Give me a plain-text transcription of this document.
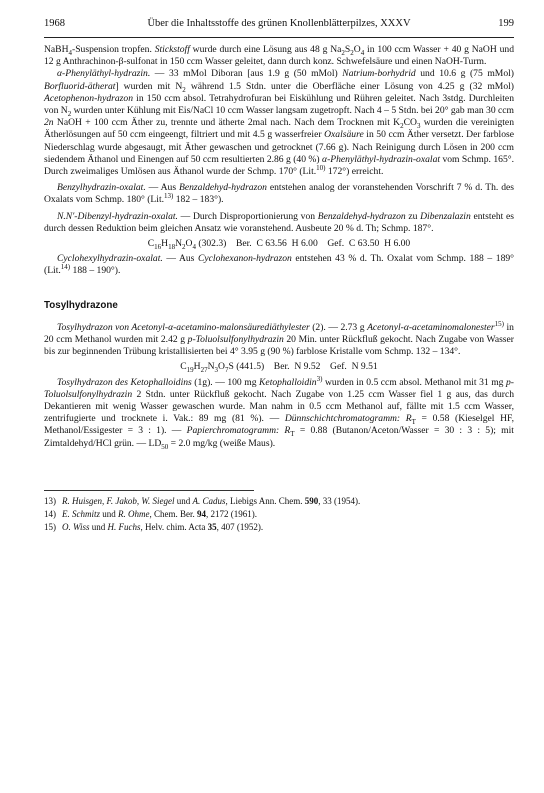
1968	Über die Inhaltsstoffe des grünen Knollenblätterpilzes, XXXV	199

NaBH$_4$-Suspension tropfen. Stickstoff wurde durch eine Lösung aus 48 g $Na_2S_2O_4$ in 100 ccm Wasser + 40 g NaOH und 12 g Anthrachinon-β-sulfonat in 150 ccm Wasser geleitet, dann durch konz. Schwefelsäure und einen NaOH-Turm.

α-Phenyläthyl-hydrazin. — 33 mMol Diboran [aus 1.9 g (50 mMol) Natrium-borhydrid und 10.6 g (75 mMol) Borfluorid-ätherat] wurden mit $N_2$ während 1.5 Stdn. unter die Oberfläche einer Lösung von 4.25 g (32 mMol) Acetophenon-hydrazon in 150 ccm absol. Tetrahydrofuran bei Eiskühlung und Rühren geleitet. Nach 3stdg. Durchleiten von $N_2$ wurden unter Kühlung mit Eis/NaCl 10 ccm Wasser langsam zugetropft. Nach 4 – 5 Stdn. bei 20° gab man 30 ccm 2n NaOH + 100 ccm Äther zu, trennte und ätherte 2mal nach. Nach dem Trocknen mit $K_2CO_3$ wurden die vereinigten Ätherlösungen auf 50 ccm eingeengt, filtriert und mit 4.5 g wasserfreier Oxalsäure in 50 ccm Äther versetzt. Der farblose Niederschlag wurde abgesaugt, mit Äther gewaschen und getrocknet (7.66 g). Nach Reinigung durch Lösen in 200 ccm siedendem Äthanol und Einengen auf 50 ccm resultierten 2.86 g (40 %) α-Phenyläthyl-hydrazin-oxalat vom Schmp. 165°. Durch zweimaliges Umlösen aus Äthanol wurde der Schmp. 170° (Lit.$^{10)}$ 172°) erreicht.

Benzylhydrazin-oxalat. — Aus Benzaldehyd-hydrazon entstehen analog der voranstehenden Vorschrift 7 % d. Th. des Oxalats vom Schmp. 180° (Lit.$^{13)}$ 182 – 183°).

N.N′-Dibenzyl-hydrazin-oxalat. — Durch Disproportionierung von Benzaldehyd-hydrazon zu Dibenzalazin entsteht es durch dessen Reduktion beim gleichen Ansatz wie voranstehend. Ausbeute 20 % d. Th; Schmp. 187°.

$C_{16}H_{18}N_2O_4$ (302.3)    Ber.  C 63.56  H 6.00    Gef.  C 63.50  H 6.00

Cyclohexylhydrazin-oxalat. — Aus Cyclohexanon-hydrazon entstehen 43 % d. Th. Oxalat vom Schmp. 188 – 189° (Lit.$^{14)}$ 188 – 190°).

Tosylhydrazone

Tosylhydrazon von Acetonyl-α-acetamino-malonsäurediäthylester (2). — 2.73 g Acetonyl-α-acetaminomalonester$^{15)}$ in 20 ccm Methanol wurden mit 2.42 g p-Toluolsulfonylhydrazin 20 Min. unter Rückfluß gekocht. Nach Zugabe von Wasser bis zur beginnenden Trübung kristallisierten bei 4° 3.95 g (90 %) farblose Kristalle vom Schmp. 132 – 134°.

$C_{19}H_{27}N_3O_7S$ (441.5)    Ber.  N 9.52    Gef.  N 9.51

Tosylhydrazon des Ketophalloidins (1g). — 100 mg Ketophalloidin$^{3)}$ wurden in 0.5 ccm absol. Methanol mit 31 mg p-Toluolsulfonylhydrazin 2 Stdn. unter Rückfluß gekocht. Nach Zugabe von 1.25 ccm Wasser fiel 1 g aus, das durch Dekantieren mit wenig Wasser gewaschen wurde. Man nahm in 0.5 ccm Methanol auf, fällte mit 1.5 ccm Wasser, zentrifugierte und trocknete i. Vak.: 89 mg (81 %). — Dünnschichtchromatogramm: $R_T = 0.58$ (Kieselgel HF, Methanol/Essigester = 3 : 1). — Papierchromatogramm: $R_T = 0.88$ (Butanon/Aceton/Wasser = 30 : 3 : 5); mit Zimtaldehyd/HCl grün. — $LD_{50} = 2.0$ mg/kg (weiße Maus).

13) R. Huisgen, F. Jakob, W. Siegel und A. Cadus, Liebigs Ann. Chem. 590, 33 (1954).
14) E. Schmitz und R. Ohme, Chem. Ber. 94, 2172 (1961).
15) O. Wiss und H. Fuchs, Helv. chim. Acta 35, 407 (1952).
